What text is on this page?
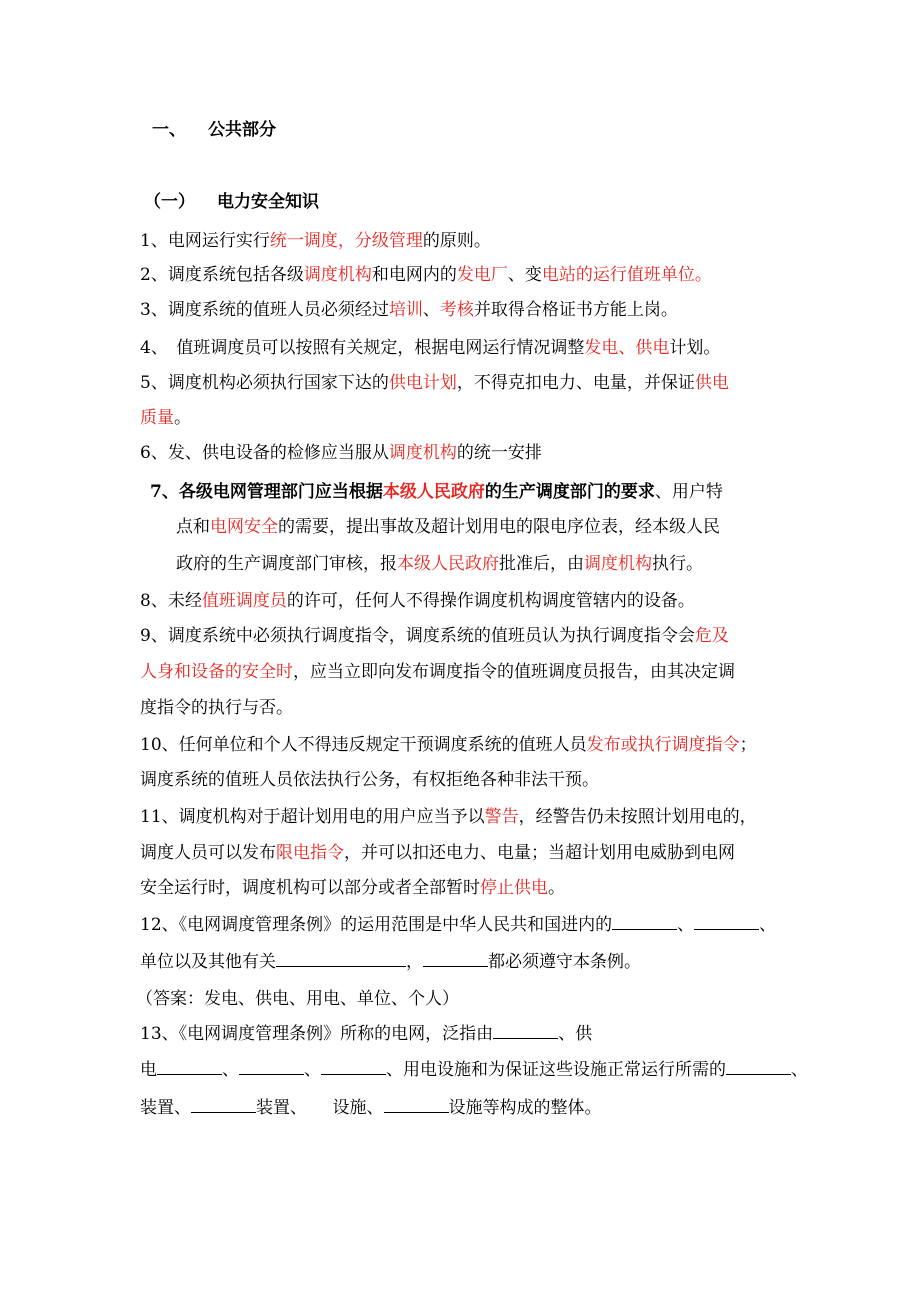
一、 公共部分
（一） 电力安全知识
1、电网运行实行统一调度，分级管理的原则。
2、调度系统包括各级调度机构和电网内的发电厂、变电站的运行值班单位。
3、调度系统的值班人员必须经过培训、考核并取得合格证书方能上岗。
4、　值班调度员可以按照有关规定，根据电网运行情况调整发电、供电计划。
5、调度机构必须执行国家下达的供电计划，不得克扣电力、电量，并保证供电
质量。
6、发、供电设备的检修应当服从调度机构的统一安排
7、各级电网管理部门应当根据本级人民政府的生产调度部门的要求、用户特
点和电网安全的需要，提出事故及超计划用电的限电序位表，经本级人民
政府的生产调度部门审核，报本级人民政府批准后，由调度机构执行。
8、未经值班调度员的许可，任何人不得操作调度机构调度管辖内的设备。
9、调度系统中必须执行调度指令，调度系统的值班员认为执行调度指令会危及
人身和设备的安全时，应当立即向发布调度指令的值班调度员报告，由其决定调
度指令的执行与否。
10、任何单位和个人不得违反规定干预调度系统的值班人员发布或执行调度指令；
调度系统的值班人员依法执行公务，有权拒绝各种非法干预。
11、调度机构对于超计划用电的用户应当予以警告，经警告仍未按照计划用电的，
调度人员可以发布限电指令，并可以扣还电力、电量；当超计划用电威胁到电网
安全运行时，调度机构可以部分或者全部暂时停止供电。
12、《电网调度管理条例》的运用范围是中华人民共和国进内的	、	、
单位以及其他有关	，	都必须遵守本条例。
（答案：发电、供电、用电、单位、个人）
13、《电网调度管理条例》所称的电网，泛指由	、供
电	、	、	、用电设施和为保证这些设施正常运行所需的	、
装置、	装置、　　设施、	设施等构成的整体。
